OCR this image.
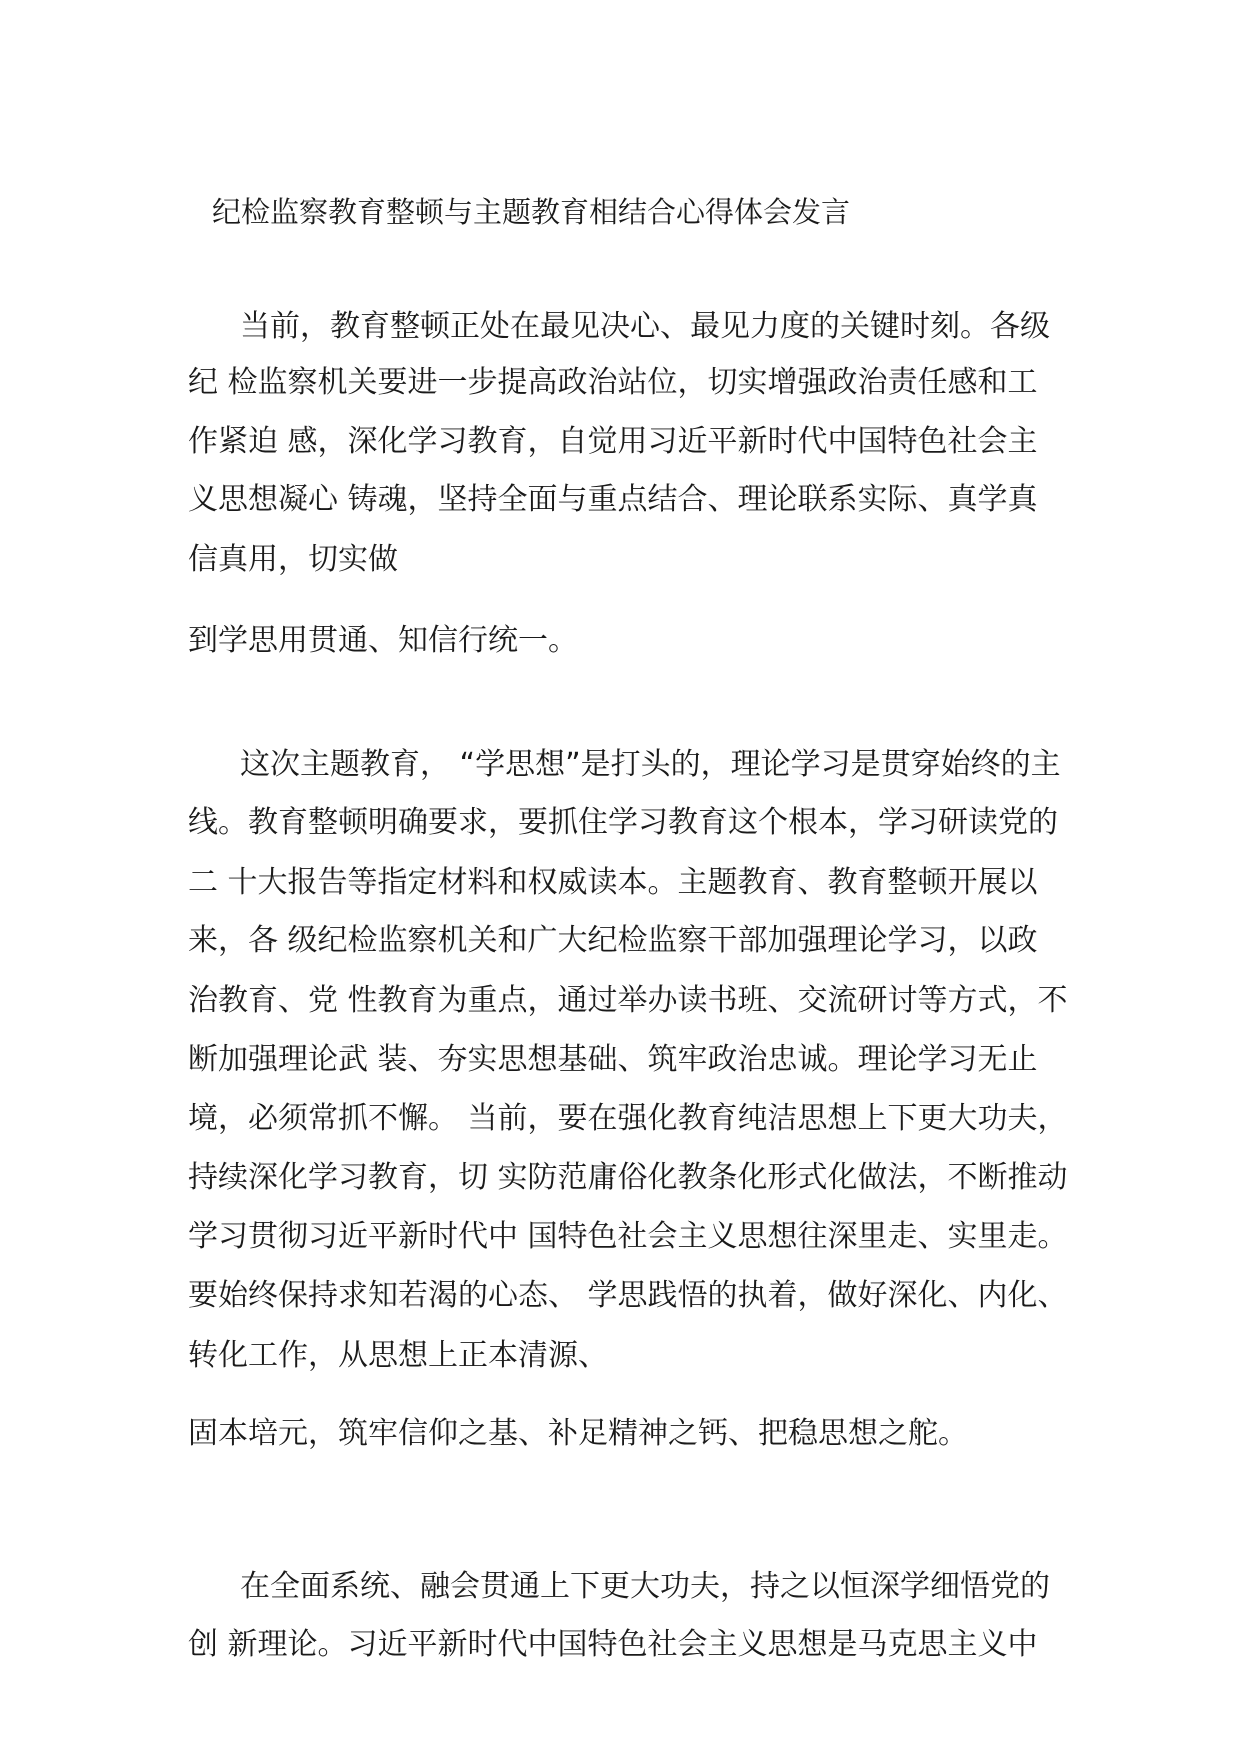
纪检监察教育整顿与主题教育相结合心得体会发言
当前，教育整顿正处在最见决心、最见力度的关键时刻。各级
纪 检监察机关要进一步提高政治站位，切实增强政治责任感和工
作紧迫 感，深化学习教育，自觉用习近平新时代中国特色社会主
义思想凝心 铸魂，坚持全面与重点结合、理论联系实际、真学真
信真用，切实做
到学思用贯通、知信行统一。
这次主题教育， “学思想”是打头的，理论学习是贯穿始终的主
线。教育整顿明确要求，要抓住学习教育这个根本，学习研读党的
二 十大报告等指定材料和权威读本。主题教育、教育整顿开展以
来，各 级纪检监察机关和广大纪检监察干部加强理论学习，以政
治教育、党 性教育为重点，通过举办读书班、交流研讨等方式，不
断加强理论武 装、夯实思想基础、筑牢政治忠诚。理论学习无止
境，必须常抓不懈。 当前，要在强化教育纯洁思想上下更大功夫，
持续深化学习教育，切 实防范庸俗化教条化形式化做法，不断推动
学习贯彻习近平新时代中 国特色社会主义思想往深里走、实里走。
要始终保持求知若渴的心态、 学思践悟的执着，做好深化、内化、
转化工作，从思想上正本清源、
固本培元，筑牢信仰之基、补足精神之钙、把稳思想之舵。
在全面系统、融会贯通上下更大功夫，持之以恒深学细悟党的
创 新理论。习近平新时代中国特色社会主义思想是马克思主义中
